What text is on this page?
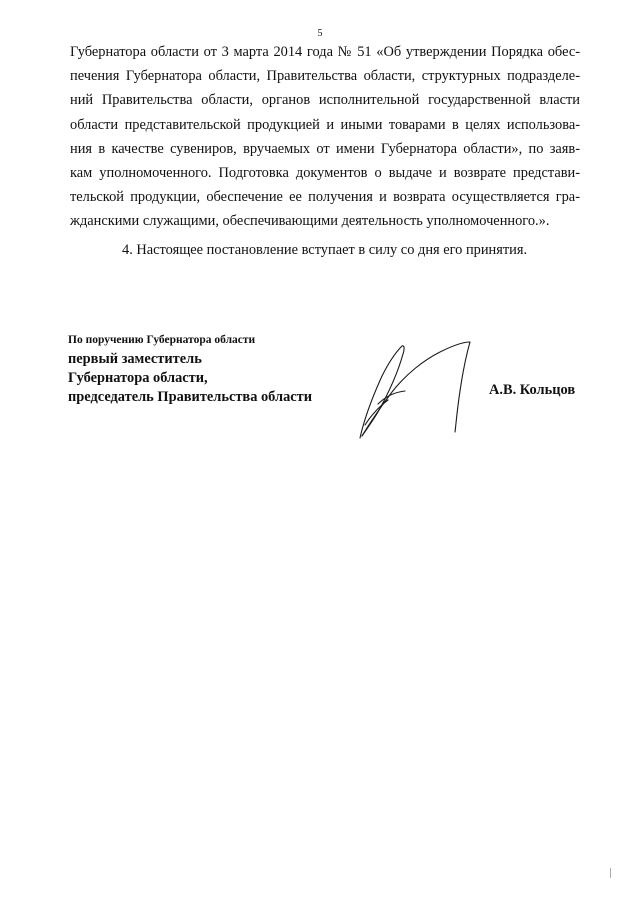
5
Губернатора области от 3 марта 2014 года № 51 «Об утверждении Порядка обес-
печения Губернатора области, Правительства области, структурных подразделе-
ний Правительства области, органов исполнительной государственной власти
области представительской продукцией и иными товарами в целях использова-
ния в качестве сувениров, вручаемых от имени Губернатора области», по заяв-
кам уполномоченного. Подготовка документов о выдаче и возврате представи-
тельской продукции, обеспечение ее получения и возврата осуществляется гра-
жданскими служащими, обеспечивающими деятельность уполномоченного.».
4. Настоящее постановление вступает в силу со дня его принятия.
По поручению Губернатора области
первый заместитель
Губернатора области,
председатель Правительства области	А.В. Кольцов
